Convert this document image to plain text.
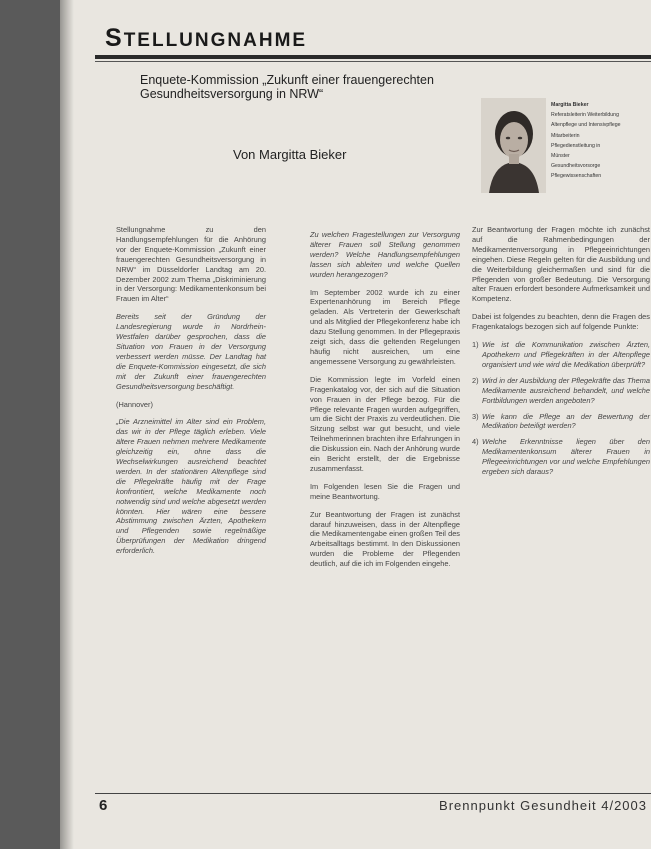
STELLUNGNAHME
Enquete-Kommission „Zukunft einer frauengerechten
Gesundheitsversorgung in NRW“
Von Margitta Bieker
Margitta Bieker
Referatsleiterin Weiterbildung
Altenpflege und Intensivpflege
Mitarbeiterin
Pflegedienstleitung in
Münster
Gesundheitsvorsorge
Pflegewissenschaften

Stellungnahme zu den Handlungsempfehlungen für die Anhörung vor der Enquete-Kommission „Zukunft einer frauengerechten Gesundheitsversorgung in NRW“ im Düsseldorfer Landtag am 20. Dezember 2002 zum Thema „Diskriminierung in der Versorgung: Medikamentenkonsum bei Frauen im Alter“

Bereits seit der Gründung der Landesregierung wurde in Nordrhein-Westfalen darüber gesprochen, dass die Situation von Frauen in der Versorgung verbessert werden müsse. Der Landtag hat die Enquete-Kommission eingesetzt, die sich mit der Zukunft einer frauengerechten Gesundheitsversorgung beschäftigt.

(Hannover)

„Die Arzneimittel im Alter sind ein Problem, das wir in der Pflege täglich erleben. Viele ältere Frauen nehmen mehrere Medikamente gleichzeitig ein, ohne dass die Wechselwirkungen ausreichend beachtet werden. In der stationären Altenpflege sind die Pflegekräfte häufig mit der Frage konfrontiert, welche Medikamente noch notwendig sind und welche abgesetzt werden könnten. Hier wären eine bessere Abstimmung zwischen Ärzten, Apothekern und Pflegenden sowie regelmäßige Überprüfungen der Medikation dringend erforderlich.

Zu welchen Fragestellungen zur Versorgung älterer Frauen soll Stellung genommen werden? Welche Handlungsempfehlungen lassen sich ableiten und welche Quellen wurden herangezogen?

Im September 2002 wurde ich zu einer Expertenanhörung im Bereich Pflege geladen. Als Vertreterin der Gewerkschaft und als Mitglied der Pflegekonferenz habe ich dazu Stellung genommen. In der Pflegepraxis zeigt sich, dass die geltenden Regelungen häufig nicht ausreichen, um eine angemessene Versorgung zu gewährleisten.

Die Kommission legte im Vorfeld einen Fragenkatalog vor, der sich auf die Situation von Frauen in der Pflege bezog. Für die Pflege relevante Fragen wurden aufgegriffen, um die Sicht der Praxis zu verdeutlichen. Die Sitzung selbst war gut besucht, und viele Teilnehmerinnen brachten ihre Erfahrungen in die Diskussion ein. Nach der Anhörung wurde ein Bericht erstellt, der die Ergebnisse zusammenfasst.

Im Folgenden lesen Sie die Fragen und meine Beantwortung.

Zur Beantwortung der Fragen ist zunächst darauf hinzuweisen, dass in der Altenpflege die Medikamentengabe einen großen Teil des Arbeitsalltags bestimmt. In den Diskussionen wurden die Probleme der Pflegenden deutlich, auf die ich im Folgenden eingehe.

Zur Beantwortung der Fragen möchte ich zunächst auf die Rahmenbedingungen der Medikamentenversorgung in Pflegeeinrichtungen eingehen. Diese Regeln gelten für die Ausbildung und die Weiterbildung gleichermaßen und sind für die Pflegenden von großer Bedeutung. Die Versorgung alter Frauen erfordert besondere Aufmerksamkeit und Kompetenz.

Dabei ist folgendes zu beachten, denn die Fragen des Fragenkatalogs bezogen sich auf folgende Punkte:

1) Wie ist die Kommunikation zwischen Ärzten, Apothekern und Pflegekräften in der Altenpflege organisiert und wie wird die Medikation überprüft?
2) Wird in der Ausbildung der Pflegekräfte das Thema Medikamente ausreichend behandelt, und welche Fortbildungen werden angeboten?
3) Wie kann die Pflege an der Bewertung der Medikation beteiligt werden?
4) Welche Erkenntnisse liegen über den Medikamentenkonsum älterer Frauen in Pflegeeinrichtungen vor und welche Empfehlungen ergeben sich daraus?
6	Brennpunkt Gesundheit 4/2003
